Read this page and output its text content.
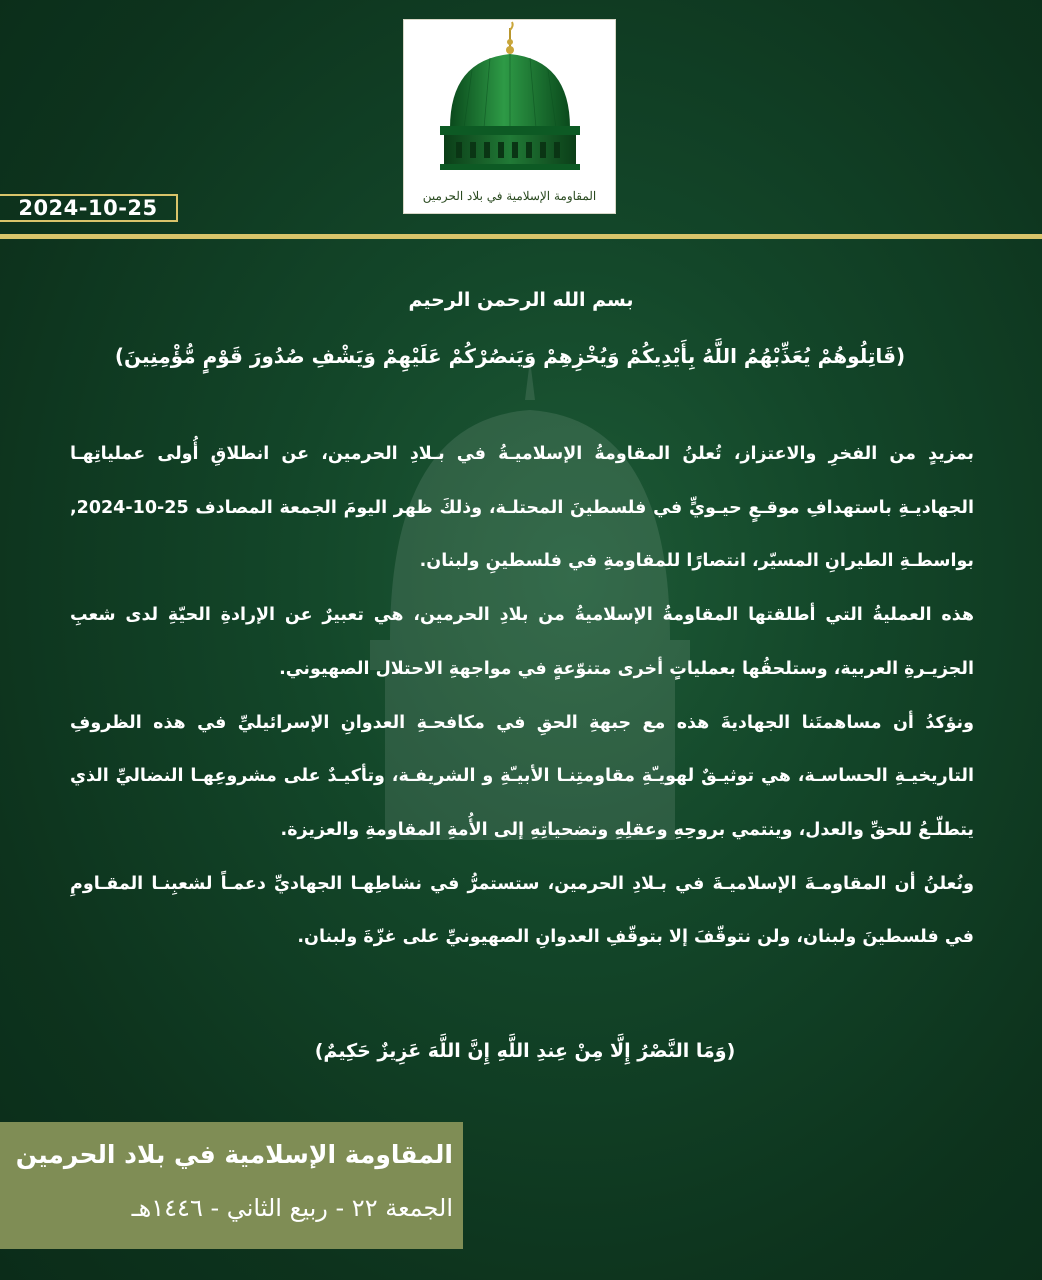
المقاومة الإسلامية في بلاد الحرمين
2024-10-25
بسم الله الرحمن الرحيم
(قَاتِلُوهُمْ يُعَذِّبْهُمُ اللَّهُ بِأَيْدِيكُمْ وَيُخْزِهِمْ وَيَنصُرْكُمْ عَلَيْهِمْ وَيَشْفِ صُدُورَ قَوْمٍ مُّؤْمِنِينَ)

بمزيدٍ من الفخرِ والاعتزاز، تُعلنُ المقاومةُ الإسلاميـةُ في بـلادِ الحرمين، عن انطلاقِ أُولى عملياتِهـا الجهاديـةِ باستهدافِ موقـعٍ حيـويٍّ في فلسطينَ المحتلـة، وذلكَ ظهر اليومَ الجمعة المصادف 25-10-2024, بواسطـةِ الطيرانِ المسيّر، انتصارًا للمقاومةِ في فلسطينِ ولبنان.

هذه العمليةُ التي أطلقتها المقاومةُ الإسلاميةُ من بلادِ الحرمين، هي تعبيرٌ عن الإرادةِ الحيّةِ لدى شعبِ الجزيـرةِ العربية، وستلحقُها بعملياتٍ أخرى متنوّعةٍ في مواجهةِ الاحتلال الصهيوني.

ونؤكدُ أن مساهمتَنا الجهاديةَ هذه مع جبهةِ الحقِ في مكافحـةِ العدوانِ الإسرائيليِّ في هذه الظروفِ التاريخيـةِ الحساسـة، هي توثيـقٌ لهويـّةِ مقاومتِنـا الأبيـّةِ و الشريفـة، وتأكيـدٌ على مشروعِهـا النضاليِّ الذي يتطلّـعُ للحقِّ والعدل، وينتمي بروحِهِ وعقلِهِ وتضحياتِهِ إلى الأُمةِ المقاومةِ والعزيزة.

ونُعلنُ أن المقاومـةَ الإسلاميـةَ في بـلادِ الحرمين، ستستمرُّ في نشاطِهـا الجهاديِّ دعمـاً لشعبِنـا المقـاومِ في فلسطينَ ولبنان، ولن نتوقّفَ إلا بتوقّفِ العدوانِ الصهيونيِّ على غزّةَ ولبنان.

(وَمَا النَّصْرُ إِلَّا مِنْ عِندِ اللَّهِ إِنَّ اللَّهَ عَزِيزٌ حَكِيمٌ)
المقاومة الإسلامية في بلاد الحرمين
الجمعة ٢٢ - ربيع الثاني - ١٤٤٦هـ
